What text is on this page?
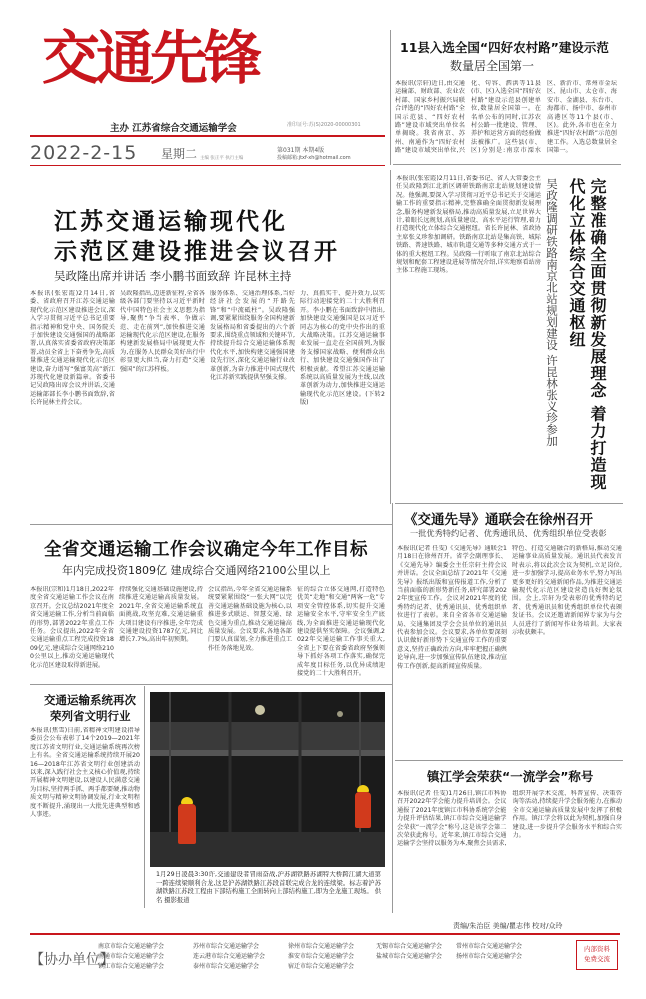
交通先锋
主办 江苏省综合交通运输学会	准印证号:苏(S)2020-00000301
2022-2-15 星期二 主编 张正平 执行主编
第031期 本期4版
投稿邮箱:jtxf-xh@hotmail.com
11县入选全国“四好农村路”建设示范
数量居全国第一
本报讯(宗轩)近日,由交通运输部、财政部、农业农村部、国家乡村振兴局联合评选的“四好农村路”全国示范县、“四好农村路”建设市域突出单位名单揭晓。我省南京、苏州、南通作为“四好农村路”建设市域突出单位,兴化、句容、泗洪等11县(市、区)入选全国“四好农村路”建设示范县创建单位,数量居全国第一。在名单公布的同时,江苏农村公路一批建设、管理、养护和运营方面的经验做法被推广。这些县(市、区)分别是:南京市溧水区、新沂市、常州市金坛区、昆山市、太仓市、海安市、金湖县、东台市、海都市、扬中市、泰州市高港区等11个县(市、区)。此外,各市也在全力推进“四好农村路”示范创建工作。入选总数量居全国第一。
江苏交通运输现代化
示范区建设推进会议召开
吴政隆出席并讲话 李小鹏书面致辞 许昆林主持
本报讯(张宏霞)2月14日,省委、省政府召开江苏交通运输现代化示范区建设推进会议,深入学习贯彻习近平总书记重要指示精神和党中央、国务院关于加快建设交通强国的战略部署,认真落实省委省政府决策部署,动员全省上下奋勇争先,高质量推进交通运输现代化示范区建设,奋力谱写“强富美高”新江苏现代化建设新篇章。省委书记吴政隆出席会议并讲话,交通运输部部长李小鹏书面致辞,省长许昆林主持会议。
吴政隆指出,迈进新征程,全省各级各部门要坚持以习近平新时代中国特色社会主义思想为指导,聚焦“争当表率、争做示范、走在前列”,加快推进交通运输现代化示范区建设,在服务构建新发展格局中展现更大作为,在服务人民群众美好出行中彰显更大担当,奋力打造“交通强国”的江苏样板。
服务体系、交通治理体系,当好经济社会发展的“开路先锋”和“中流砥柱”。吴政隆强调,要紧紧围绕服务全国构建新发展格局和省委提出的六个新要求,围绕重点领域和关键环节,持续提升综合交通运输体系现代化水平,加快构建交通强国建设先行区,深化交通运输行业改革创新,为奋力推进中国式现代化江苏新实践提供坚强支撑。
力、真抓实干、提升效力,以实际行动迎接党的二十大胜利召开。李小鹏在书面致辞中指出,加快建设交通强国是以习近平同志为核心的党中央作出的重大战略决策。江苏交通运输事业发展一直走在全国前列,为服务支撑国家战略、便利群众出行、加快建设交通强国作出了积极贡献。希望江苏交通运输系统以高质量发展为主线,以改革创新为动力,加快推进交通运输现代化示范区建设。(下转2版)
本报讯(张宏霞)2月11日,省委书记、省人大常委会主任吴政隆到江北新区调研铁路南京北站规划建设情况。他强调,要深入学习贯彻习近平总书记关于交通运输工作的重要指示精神,完整准确全面贯彻新发展理念,服务构建新发展格局,推动高质量发展,立足世界大计,着眼长远规划,高质量建设、高水平运行管理,着力打造现代化立体综合交通枢纽。省长许昆林、省政协主席张义珍参加调研。铁路南京北站是集高铁、城际铁路、普速铁路、城市轨道交通等多种交通方式于一体的重大枢纽工程。吴政隆一行听取了南京北站综合规划和配套工程建设进展等情况介绍,详实地察看站房主体工程施工现场。	完整准确全面贯彻新发展理念 着力打造现代化立体综合交通枢纽
吴政隆调研铁路南京北站规划建设 许昆林张义珍参加
《交通先导》通联会在徐州召开
一批优秀特约记者、优秀通讯员、优秀组织单位受表彰
本报讯(记者 任雯)《交通先导》通联会1月18日在徐州召开。省学会副理事长、《交通先导》编委会主任宗轩主持会议并讲话。会议全面总结了2021年《交通先导》报纸出版和宣传报道工作,分析了当前面临的新形势新任务,研究部署2022年度宣传工作。会议对2021年度的优秀特约记者、优秀通讯员、优秀组织单位进行了表彰。来自全省各市交通运输局、交通集团及学会会员单位的通讯员代表参加会议。会议要求,各单位要深刻认识做好新形势下交通宣传工作的重要意义,坚持正确政治方向,牢牢把握正确舆论导向,进一步加强宣传队伍建设,推动宣传工作创新,提高新闻宣传质量。
特色、打造交通融合的新格局,推动交通运输事业高质量发展。通讯员代表发言时表示,将以此次会议为契机,立足岗位,进一步加强学习,提高业务水平,努力写出更多更好的交通新闻作品,为推进交通运输现代化示范区建设营造良好舆论氛围。会上,宗轩为受表彰的优秀特约记者、优秀通讯员和优秀组织单位代表颁发证书。会议还邀请新闻界专家为与会人员进行了新闻写作业务培训。大家表示收获颇丰。
全省交通运输工作会议确定今年工作目标
年内完成投资1809亿 建成综合交通网络2100公里以上
本报讯(宗和)1月18日,2022年度全省交通运输工作会议在南京召开。会议总结2021年度全省交通运输工作,分析当前面临的形势,部署2022年重点工作任务。会议提出,2022年全省交通运输重点工程完成投资1809亿元,建成综合交通网络2100公里以上,推动交通运输现代化示范区建设取得新进展。
持续强化交通基础设施建设,持续推进交通运输高质量发展。2021年,全省交通运输系统直面挑战,攻坚克难,交通运输重大项目建设有序推进,全年完成交通建设投资1787亿元,同比增长7.7%,高出年初预期。
会议指出,今年全省交通运输系统要紧紧围绕“一张大网”以完善交通运输基础设施为核心,以推进多式联运、智慧交通、绿色交通为重点,推动交通运输高质量发展。会议要求,各地各部门要认真谋划,全力推进重点工作任务落地见效。
征的综合立体交通网,打造特色优美“走地”和交通“两客一危”专项安全管控体系,切实提升交通运输安全水平,守牢安全生产底线,为全面推进交通运输现代化建设提供坚实保障。会议强调,2022年交通运输工作事关重大,全省上下要在省委省政府坚强领导下抓好各项工作落实,确保完成年度目标任务,以优异成绩迎接党的二十大胜利召开。
交通运输系统再次
荣列省文明行业
本报讯(焦雪)日前,省精神文明建设指导委员会公布表彰了14个2019—2021年度江苏省文明行业,交通运输系统再次榜上有名。全省交通运输系统持续开展2016—2018年江苏省文明行业创建活动以来,深入践行社会主义核心价值观,持续开展精神文明建设,以建设人民满意交通为目标,坚持两手抓、两手都要硬,推动物质文明与精神文明协调发展,行业文明程度不断提升,涌现出一大批先进典型和感人事迹。
1月29日凌晨3:30许,交通建设者冒雨奋战,沪苏湖铁路苏湖特大桥跨江湖大道第一跨连续梁顺利合龙,这是沪苏湖铁路江苏段首联完成合龙的连续梁。标志着沪苏湖铁路江苏段工程由下部结构施工全面转向上部结构施工,即为全龙施工现场。 供名 摄影报道
镇江学会荣获“一流学会”称号
本报讯(记者 任雯)1月26日,镇江市科协召开2022年学会能力提升培训会。会议通报了2021年度镇江市科协系统学会能力提升评估结果,镇江市综合交通运输学会荣获“一流学会”称号,这是该学会第二次荣获此称号。近年来,镇江市综合交通运输学会坚持以服务为本,聚焦会员需求,组织开展学术交流、科普宣传、决策咨询等活动,持续提升学会服务能力,在推动全市交通运输高质量发展中发挥了积极作用。镇江学会将以此为契机,加强自身建设,进一步提升学会服务水平和综合实力。
责编/朱治臣 美编/瞿志伟 校对/众玲
【协办单位】
南京市综合交通运输学会
南通市综合交通运输学会
镇江市综合交通运输学会
苏州市综合交通运输学会
连云港市综合交通运输学会
泰州市综合交通运输学会
徐州市综合交通运输学会
淮安市综合交通运输学会
宿迁市综合交通运输学会
无锡市综合交通运输学会
盐城市综合交通运输学会
常州市综合交通运输学会
扬州市综合交通运输学会
内部资料 免费交流
